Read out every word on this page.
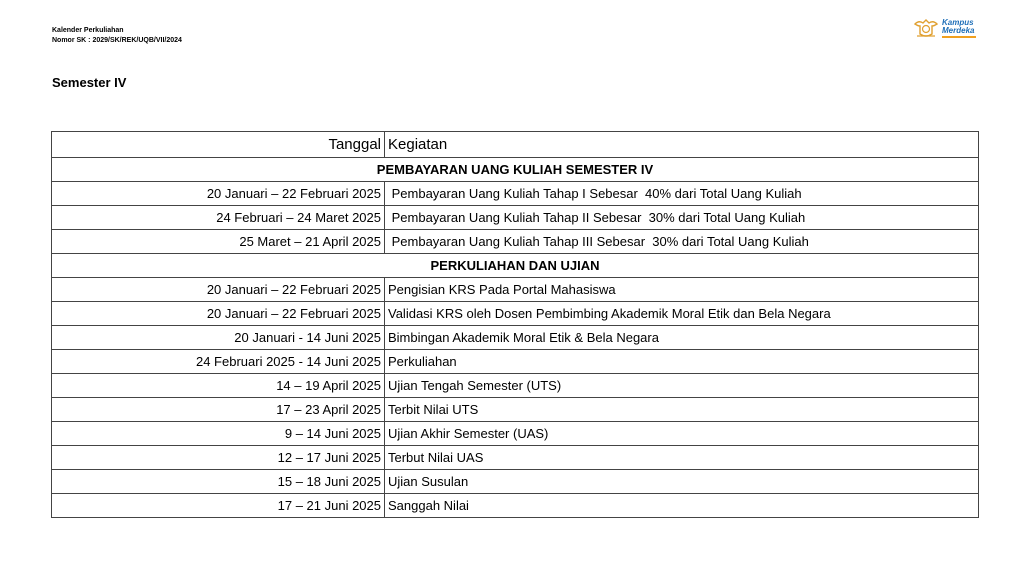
Kalender Perkuliahan
Nomor SK : 2029/SK/REK/UQB/VII/2024
Kampus
Merdeka
Semester IV
Tanggal	Kegiatan
PEMBAYARAN UANG KULIAH SEMESTER IV	
20 Januari – 22 Februari 2025	Pembayaran Uang Kuliah Tahap I Sebesar  40% dari Total Uang Kuliah
24 Februari – 24 Maret 2025	Pembayaran Uang Kuliah Tahap II Sebesar  30% dari Total Uang Kuliah
25 Maret – 21 April 2025	Pembayaran Uang Kuliah Tahap III Sebesar  30% dari Total Uang Kuliah
PERKULIAHAN DAN UJIAN	
20 Januari – 22 Februari 2025	Pengisian KRS Pada Portal Mahasiswa
20 Januari – 22 Februari 2025	Validasi KRS oleh Dosen Pembimbing Akademik Moral Etik dan Bela Negara
20 Januari - 14 Juni 2025	Bimbingan Akademik Moral Etik & Bela Negara
24 Februari 2025 - 14 Juni 2025	Perkuliahan
14 – 19 April 2025	Ujian Tengah Semester (UTS)
17 – 23 April 2025	Terbit Nilai UTS
9 – 14 Juni 2025	Ujian Akhir Semester (UAS)
12 – 17 Juni 2025	Terbut Nilai UAS
15 – 18 Juni 2025	Ujian Susulan
17 – 21 Juni 2025	Sanggah Nilai
